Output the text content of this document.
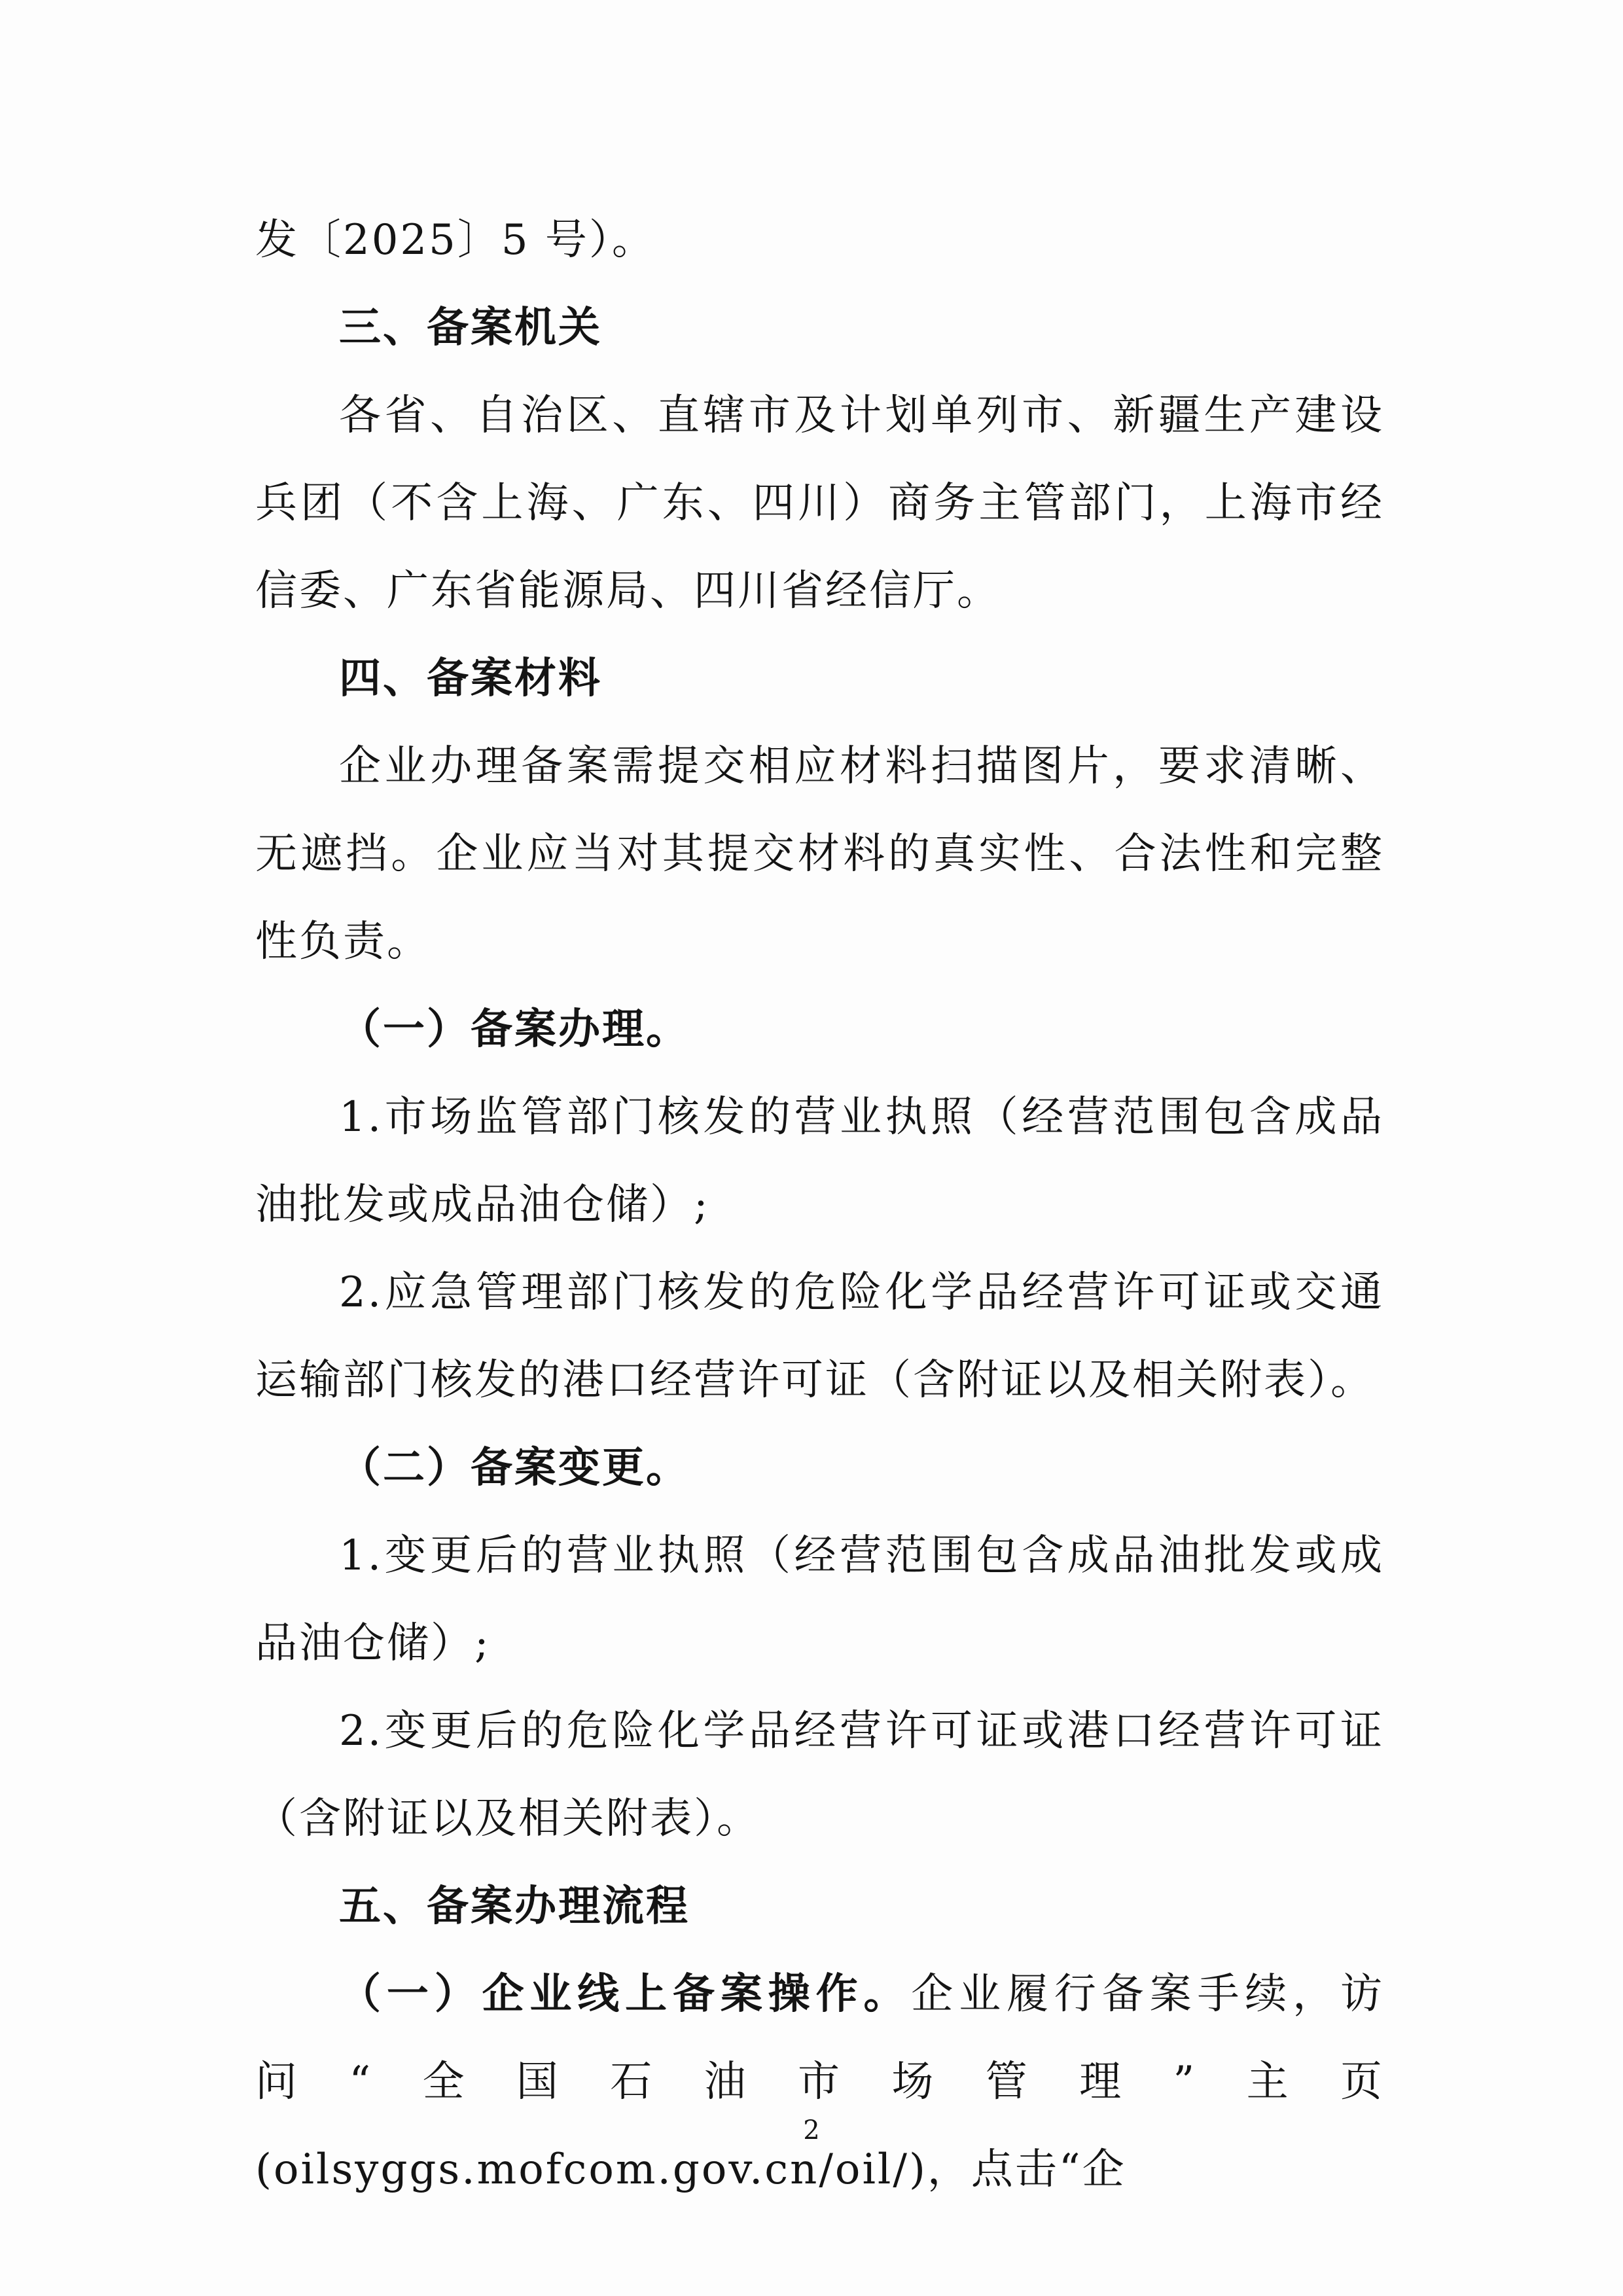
发〔2025〕5 号）。

三、备案机关

各省、自治区、直辖市及计划单列市、新疆生产建设兵团（不含上海、广东、四川）商务主管部门，上海市经信委、广东省能源局、四川省经信厅。

四、备案材料

企业办理备案需提交相应材料扫描图片，要求清晰、无遮挡。企业应当对其提交材料的真实性、合法性和完整性负责。

（一）备案办理。

1.市场监管部门核发的营业执照（经营范围包含成品油批发或成品油仓储）;

2.应急管理部门核发的危险化学品经营许可证或交通运输部门核发的港口经营许可证（含附证以及相关附表）。

（二）备案变更。

1.变更后的营业执照（经营范围包含成品油批发或成品油仓储）;

2.变更后的危险化学品经营许可证或港口经营许可证（含附证以及相关附表）。

五、备案办理流程

（一）企业线上备案操作。企业履行备案手续，访问“全国石油市场管理”主页(oilsyggs.mofcom.gov.cn/oil/)，点击“企

2
